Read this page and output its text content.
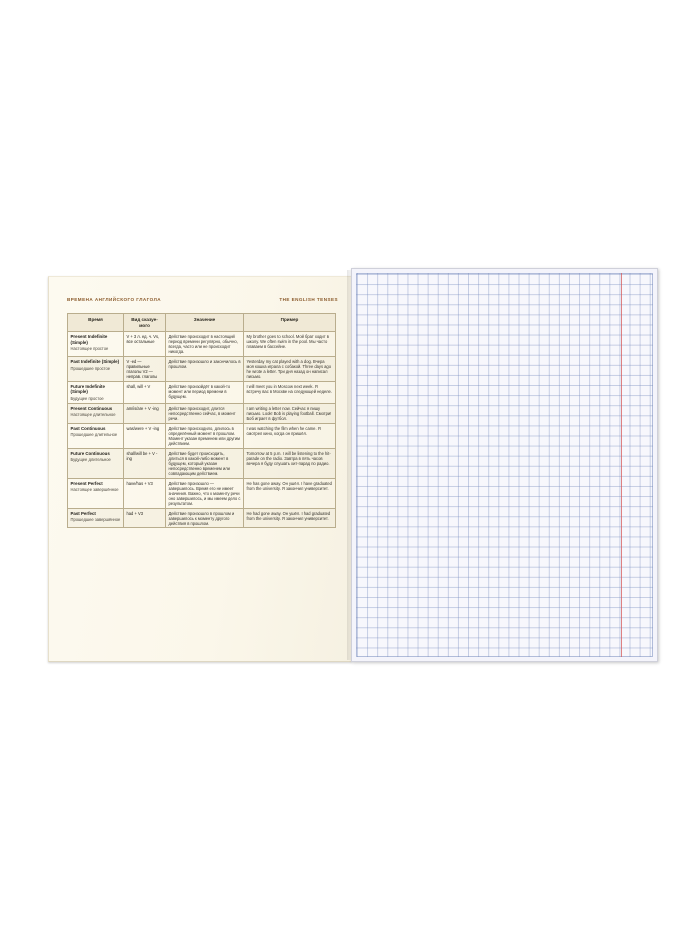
ВРЕМЕНА АНГЛИЙСКОГО ГЛАГОЛА	THE ENGLISH TENSES
Время	Вид сказуе-мого	Значение	Пример

Present Indefinite (Simple)
Настоящее простое	V + 3 л. ед. ч. Vs, все остальные	Действие происходит в настоящий период времени регулярно, обычно, всегда, часто или не происходит никогда.	My brother goes to school. Мой брат ходит в школу. We often swim in the pool. Мы часто плаваем в бассейне.

Past Indefinite (Simple)
Прошедшее простое	V -ed — правильные глаголы V2 — неправ. глаголы	Действие произошло и закончилось в прошлом.	Yesterday my cat played with a dog. Вчера моя кошка играла с собакой. Three days ago he wrote a letter. Три дня назад он написал письмо.

Future Indefinite (Simple)
Будущее простое	shall, will + V	Действие произойдёт в какой-то момент или период времени в будущем.	I will meet you in Moscow next week. Я встречу вас в Москве на следующей неделе.

Present Continuous
Настоящее длительное	am/is/are + V -ing	Действие происходит, длится непосредственно сейчас, в момент речи.	I am writing a letter now. Сейчас я пишу письмо. Look! Bob is playing football. Смотри! Боб играет в футбол.

Past Continuous
Прошедшее длительное	was/were + V -ing	Действие происходило, длилось в определённый момент в прошлом. Момент указан временем или другим действием.	I was watching the film when he came. Я смотрел кино, когда он пришёл.

Future Continuous
Будущее длительное	shall/will be + V -ing	Действие будет происходить, длиться в какой-либо момент в будущем, который указан непосредственно временем или совпадающим действием.	Tomorrow at 5 p.m. I will be listening to the hit-parade on the radio. Завтра в пять часов вечера я буду слушать хит-парад по радио.

Present Perfect
Настоящее завершённое	have/has + V3	Действие произошло — завершилось. Время его не имеет значения. Важно, что к моменту речи оно завершилось, и мы имеем дело с результатом.	He has gone away. Он ушёл. I have graduated from the university. Я закончил университет.

Past Perfect
Прошедшее завершённое	had + V3	Действие произошло в прошлом и завершилось к моменту другого действия в прошлом.	He had gone away. Он ушёл. I had graduated from the university. Я закончил университет.
